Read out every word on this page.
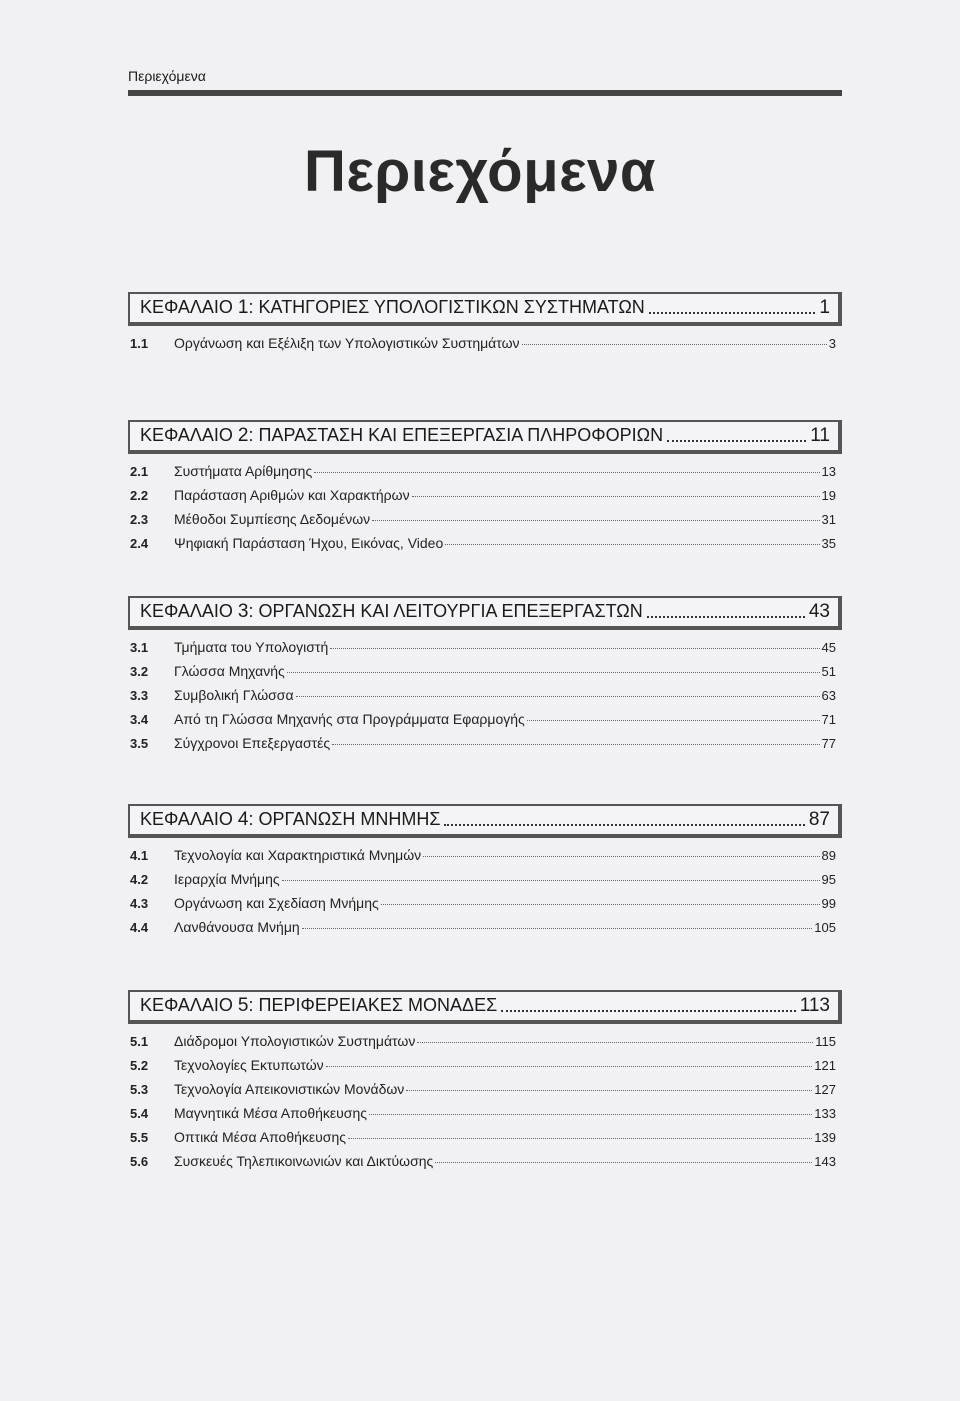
Περιεχόμενα
Περιεχόμενα
ΚΕΦΑΛΑΙΟ 1: ΚΑΤΗΓΟΡΙΕΣ ΥΠΟΛΟΓΙΣΤΙΚΩΝ ΣΥΣΤΗΜΑΤΩΝ	1
1.1	Οργάνωση και Εξέλιξη των Υπολογιστικών Συστημάτων	3
ΚΕΦΑΛΑΙΟ 2: ΠΑΡΑΣΤΑΣΗ ΚΑΙ ΕΠΕΞΕΡΓΑΣΙΑ ΠΛΗΡΟΦΟΡΙΩΝ	11
2.1	Συστήματα Αρίθμησης	13
2.2	Παράσταση Αριθμών και Χαρακτήρων	19
2.3	Μέθοδοι Συμπίεσης Δεδομένων	31
2.4	Ψηφιακή Παράσταση Ήχου, Εικόνας, Video	35
ΚΕΦΑΛΑΙΟ 3: ΟΡΓΑΝΩΣΗ ΚΑΙ ΛΕΙΤΟΥΡΓΙΑ ΕΠΕΞΕΡΓΑΣΤΩΝ	43
3.1	Τμήματα του Υπολογιστή	45
3.2	Γλώσσα Μηχανής	51
3.3	Συμβολική Γλώσσα	63
3.4	Από τη Γλώσσα Μηχανής στα Προγράμματα Εφαρμογής	71
3.5	Σύγχρονοι Επεξεργαστές	77
ΚΕΦΑΛΑΙΟ 4: ΟΡΓΑΝΩΣΗ ΜΝΗΜΗΣ	87
4.1	Τεχνολογία και Χαρακτηριστικά Μνημών	89
4.2	Ιεραρχία Μνήμης	95
4.3	Οργάνωση και Σχεδίαση Μνήμης	99
4.4	Λανθάνουσα Μνήμη	105
ΚΕΦΑΛΑΙΟ 5: ΠΕΡΙΦΕΡΕΙΑΚΕΣ ΜΟΝΑΔΕΣ	113
5.1	Διάδρομοι Υπολογιστικών Συστημάτων	115
5.2	Τεχνολογίες Εκτυπωτών	121
5.3	Τεχνολογία Απεικονιστικών Μονάδων	127
5.4	Μαγνητικά Μέσα Αποθήκευσης	133
5.5	Οπτικά Μέσα Αποθήκευσης	139
5.6	Συσκευές Τηλεπικοινωνιών και Δικτύωσης	143
